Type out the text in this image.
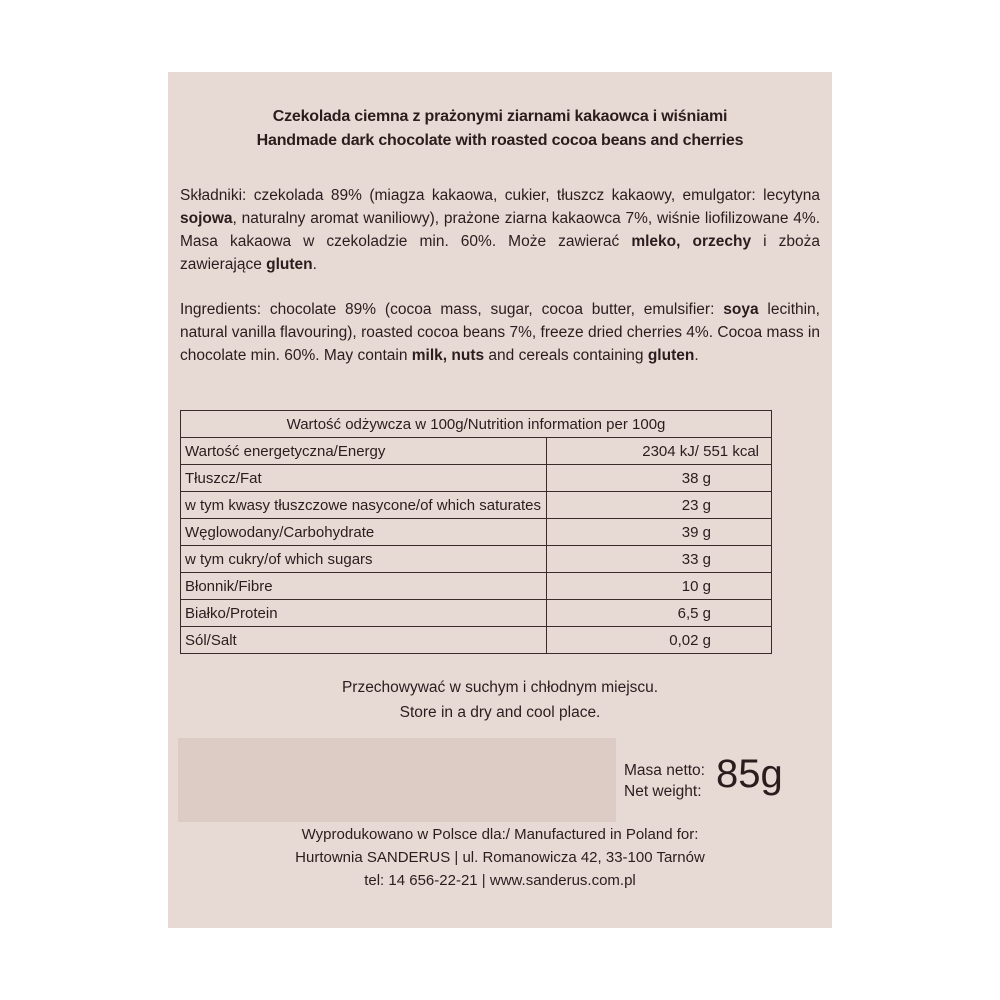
Czekolada ciemna z prażonymi ziarnami kakaowca i wiśniami
Handmade dark chocolate with roasted cocoa beans and cherries
Składniki: czekolada 89% (miagza kakaowa, cukier, tłuszcz kakaowy, emulgator: lecytyna sojowa, naturalny aromat waniliowy), prażone ziarna kakaowca 7%, wiśnie liofilizowane 4%. Masa kakaowa w czekoladzie min. 60%. Może zawierać mleko, orzechy i zboża zawierające gluten.
Ingredients: chocolate 89% (cocoa mass, sugar, cocoa butter, emulsifier: soya lecithin, natural vanilla flavouring), roasted cocoa beans 7%, freeze dried cherries 4%. Cocoa mass in chocolate min. 60%. May contain milk, nuts and cereals containing gluten.
Wartość odżywcza w 100g/Nutrition information per 100g	
Wartość energetyczna/Energy	2304 kJ/ 551 kcal
Tłuszcz/Fat	38 g
w tym kwasy tłuszczowe nasycone/of which saturates	23 g
Węglowodany/Carbohydrate	39 g
w tym cukry/of which sugars	33 g
Błonnik/Fibre	10 g
Białko/Protein	6,5 g
Sól/Salt	0,02 g
Przechowywać w suchym i chłodnym miejscu.
Store in a dry and cool place.
Masa netto:
Net weight: 85g
Wyprodukowano w Polsce dla:/ Manufactured in Poland for:
Hurtownia SANDERUS | ul. Romanowicza 42, 33-100 Tarnów
tel: 14 656-22-21 | www.sanderus.com.pl
